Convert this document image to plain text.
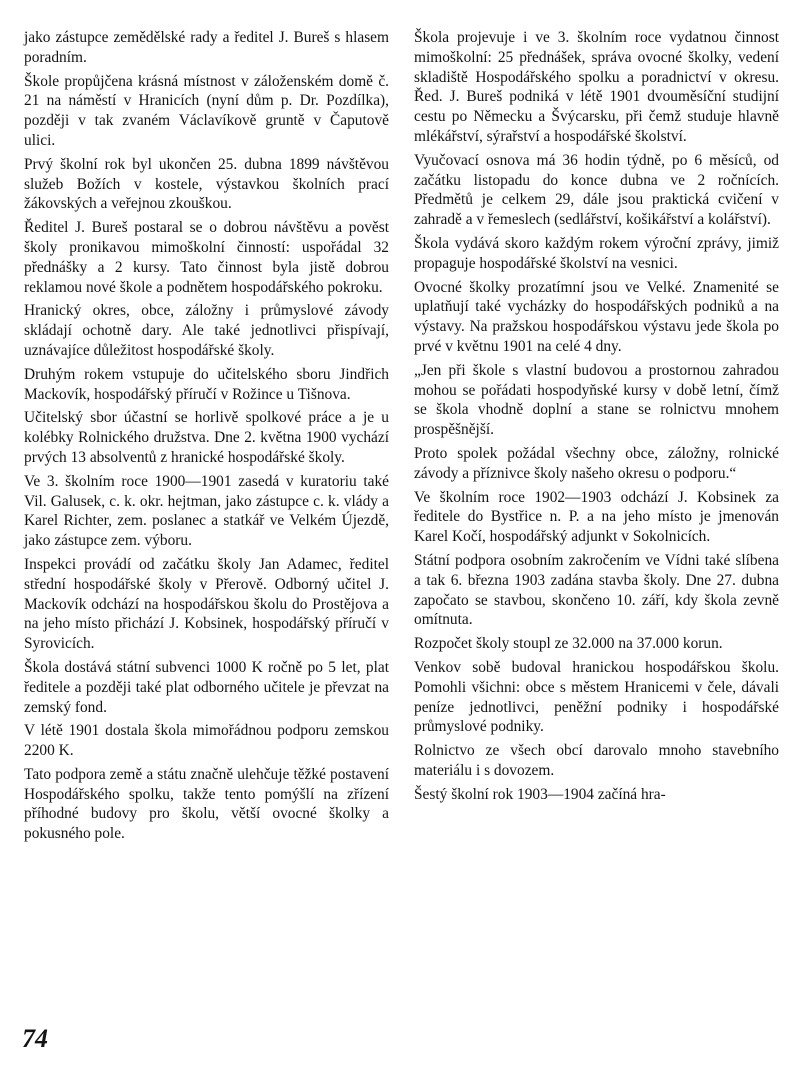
jako zástupce zemědělské rady a ředitel J. Bureš s hlasem poradním.

Škole propůjčena krásná místnost v záloženském domě č. 21 na náměstí v Hranicích (nyní dům p. Dr. Pozdílka), později v tak zvaném Václavíkově gruntě v Čaputově ulici.

Prvý školní rok byl ukončen 25. dubna 1899 návštěvou služeb Božích v kostele, výstavkou školních prací žákovských a veřejnou zkouškou.

Ředitel J. Bureš postaral se o dobrou návštěvu a pověst školy pronikavou mimoškolní činností: uspořádal 32 přednášky a 2 kursy. Tato činnost byla jistě dobrou reklamou nové škole a podnětem hospodářského pokroku.

Hranický okres, obce, záložny i průmyslové závody skládají ochotně dary. Ale také jednotlivci přispívají, uznávajíce důležitost hospodářské školy.

Druhým rokem vstupuje do učitelského sboru Jindřich Mackovík, hospodářský příručí v Rožince u Tišnova.

Učitelský sbor účastní se horlivě spolkové práce a je u kolébky Rolnického družstva. Dne 2. května 1900 vychází prvých 13 absolventů z hranické hospodářské školy.

Ve 3. školním roce 1900—1901 zasedá v kuratoriu také Vil. Galusek, c. k. okr. hejtman, jako zástupce c. k. vlády a Karel Richter, zem. poslanec a statkář ve Velkém Újezdě, jako zástupce zem. výboru.

Inspekci provádí od začátku školy Jan Adamec, ředitel střední hospodářské školy v Přerově. Odborný učitel J. Mackovík odchází na hospodářskou školu do Prostějova a na jeho místo přichází J. Kobsinek, hospodářský příručí v Syrovicích.

Škola dostává státní subvenci 1000 K ročně po 5 let, plat ředitele a později také plat odborného učitele je převzat na zemský fond.

V létě 1901 dostala škola mimořádnou podporu zemskou 2200 K.

Tato podpora země a státu značně ulehčuje těžké postavení Hospodářského spolku, takže tento pomýšlí na zřízení příhodné budovy pro školu, větší ovocné školky a pokusného pole.

Škola projevuje i ve 3. školním roce vydatnou činnost mimoškolní: 25 přednášek, správa ovocné školky, vedení skladiště Hospodářského spolku a poradnictví v okresu. Řed. J. Bureš podniká v létě 1901 dvouměsíční studijní cestu po Německu a Švýcarsku, při čemž studuje hlavně mlékářství, sýrařství a hospodářské školství.

Vyučovací osnova má 36 hodin týdně, po 6 měsíců, od začátku listopadu do konce dubna ve 2 ročnících. Předmětů je celkem 29, dále jsou praktická cvičení v zahradě a v řemeslech (sedlářství, košikářství a kolářství).

Škola vydává skoro každým rokem výroční zprávy, jimiž propaguje hospodářské školství na vesnici.

Ovocné školky prozatímní jsou ve Velké. Znamenité se uplatňují také vycházky do hospodářských podniků a na výstavy. Na pražskou hospodářskou výstavu jede škola po prvé v květnu 1901 na celé 4 dny.

„Jen při škole s vlastní budovou a prostornou zahradou mohou se pořádati hospodyňské kursy v době letní, čímž se škola vhodně doplní a stane se rolnictvu mnohem prospěšnější.

Proto spolek požádal všechny obce, záložny, rolnické závody a příznivce školy našeho okresu o podporu.“

Ve školním roce 1902—1903 odchází J. Kobsinek za ředitele do Bystřice n. P. a na jeho místo je jmenován Karel Kočí, hospodářský adjunkt v Sokolnicích.

Státní podpora osobním zakročením ve Vídni také slíbena a tak 6. března 1903 zadána stavba školy. Dne 27. dubna započato se stavbou, skončeno 10. září, kdy škola zevně omítnuta.

Rozpočet školy stoupl ze 32.000 na 37.000 korun.

Venkov sobě budoval hranickou hospodářskou školu. Pomohli všichni: obce s městem Hranicemi v čele, dávali peníze jednotlivci, peněžní podniky i hospodářské průmyslové podniky.

Rolnictvo ze všech obcí darovalo mnoho stavebního materiálu i s dovozem.

Šestý školní rok 1903—1904 začíná hra-

74
